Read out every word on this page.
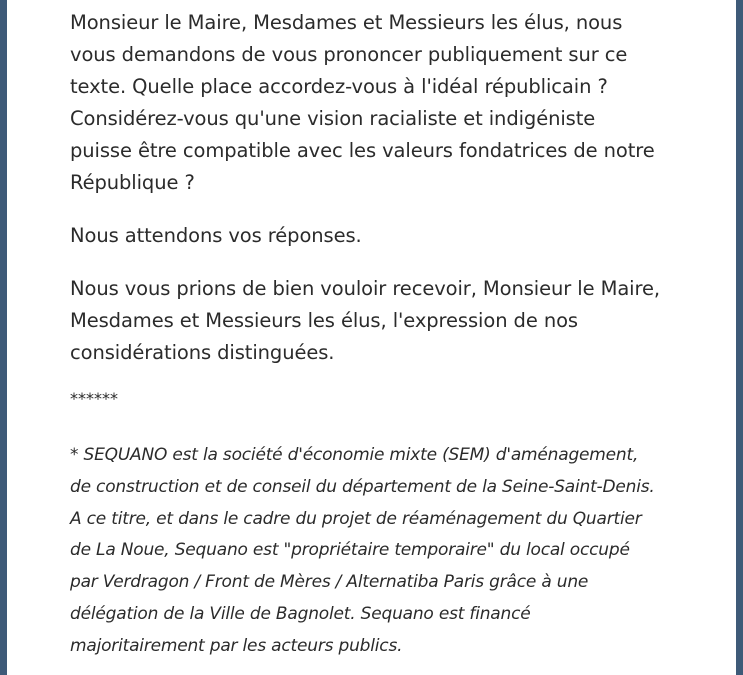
Monsieur le Maire, Mesdames et Messieurs les élus, nous
vous demandons de vous prononcer publiquement sur ce
texte. Quelle place accordez-vous à l'idéal républicain ?
Considérez-vous qu'une vision racialiste et indigéniste
puisse être compatible avec les valeurs fondatrices de notre
République ?

Nous attendons vos réponses.

Nous vous prions de bien vouloir recevoir, Monsieur le Maire,
Mesdames et Messieurs les élus, l'expression de nos
considérations distinguées.

******

* SEQUANO est la société d'économie mixte (SEM) d'aménagement,
de construction et de conseil du département de la Seine-Saint-Denis.
A ce titre, et dans le cadre du projet de réaménagement du Quartier
de La Noue, Sequano est "propriétaire temporaire" du local occupé
par Verdragon / Front de Mères / Alternatiba Paris grâce à une
délégation de la Ville de Bagnolet. Sequano est financé
majoritairement par les acteurs publics.
